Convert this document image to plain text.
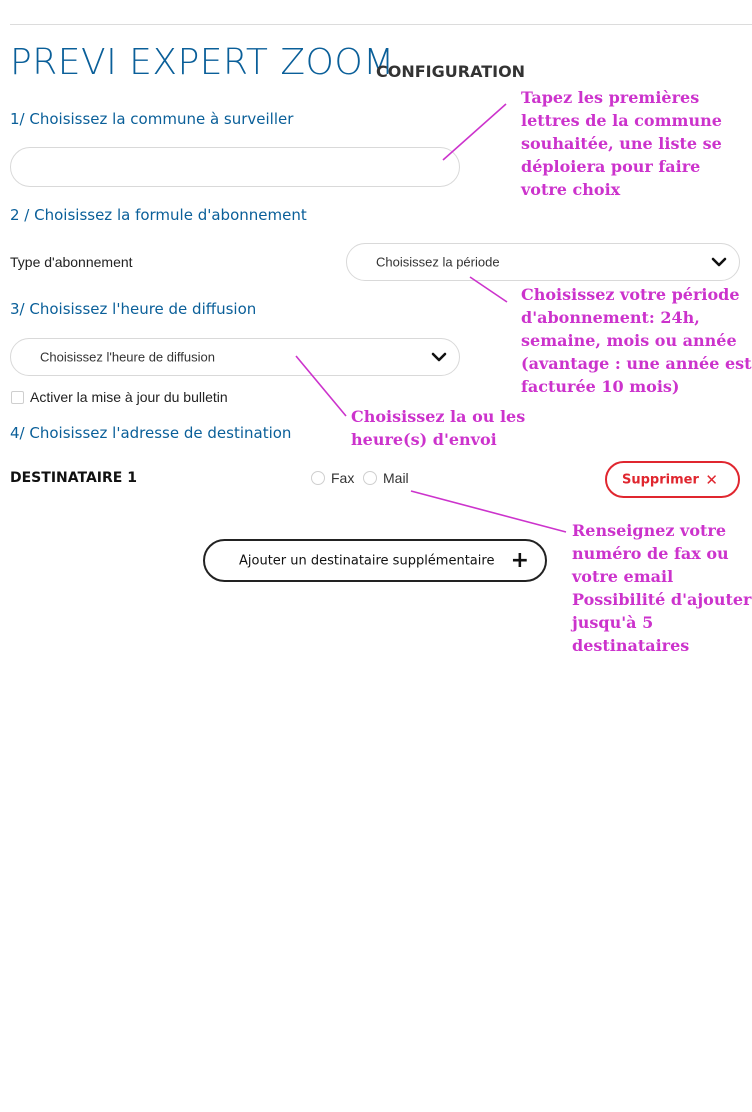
PREVI EXPERT ZOOM
CONFIGURATION
1/ Choisissez la commune à surveiller
2 / Choisissez la formule d'abonnement
Type d'abonnement	Choisissez la période
3/ Choisissez l'heure de diffusion
Choisissez l'heure de diffusion
Activer la mise à jour du bulletin
4/ Choisissez l'adresse de destination
DESTINATAIRE 1	Fax Mail	Supprimer ✕
Ajouter un destinataire supplémentaire +
Tapez les premières
lettres de la commune
souhaitée, une liste se
déploiera pour faire
votre choix
Choisissez votre période
d'abonnement: 24h,
semaine, mois ou année
(avantage : une année est
facturée 10 mois)
Choisissez la ou les
heure(s) d'envoi
Renseignez votre
numéro de fax ou
votre email
Possibilité d'ajouter
jusqu'à 5
destinataires
